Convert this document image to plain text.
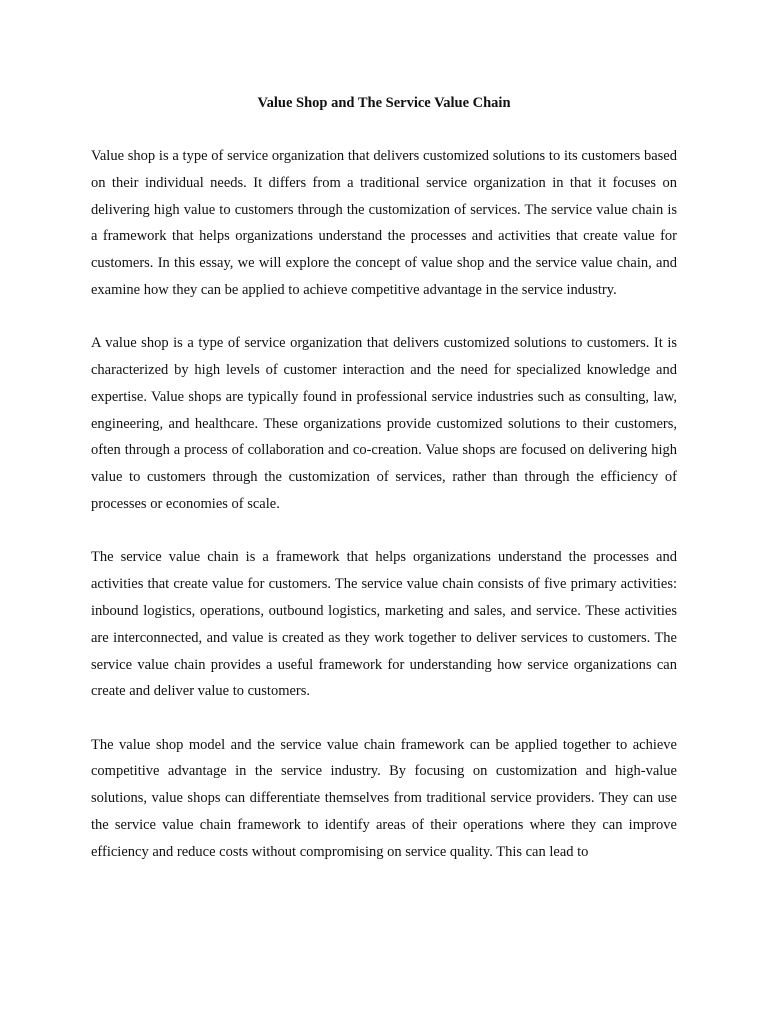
Value Shop and The Service Value Chain

Value shop is a type of service organization that delivers customized solutions to its customers based on their individual needs. It differs from a traditional service organization in that it focuses on delivering high value to customers through the customization of services. The service value chain is a framework that helps organizations understand the processes and activities that create value for customers. In this essay, we will explore the concept of value shop and the service value chain, and examine how they can be applied to achieve competitive advantage in the service industry.

A value shop is a type of service organization that delivers customized solutions to customers. It is characterized by high levels of customer interaction and the need for specialized knowledge and expertise. Value shops are typically found in professional service industries such as consulting, law, engineering, and healthcare. These organizations provide customized solutions to their customers, often through a process of collaboration and co-creation. Value shops are focused on delivering high value to customers through the customization of services, rather than through the efficiency of processes or economies of scale.

The service value chain is a framework that helps organizations understand the processes and activities that create value for customers. The service value chain consists of five primary activities: inbound logistics, operations, outbound logistics, marketing and sales, and service. These activities are interconnected, and value is created as they work together to deliver services to customers. The service value chain provides a useful framework for understanding how service organizations can create and deliver value to customers.

The value shop model and the service value chain framework can be applied together to achieve competitive advantage in the service industry. By focusing on customization and high-value solutions, value shops can differentiate themselves from traditional service providers. They can use the service value chain framework to identify areas of their operations where they can improve efficiency and reduce costs without compromising on service quality. This can lead to
